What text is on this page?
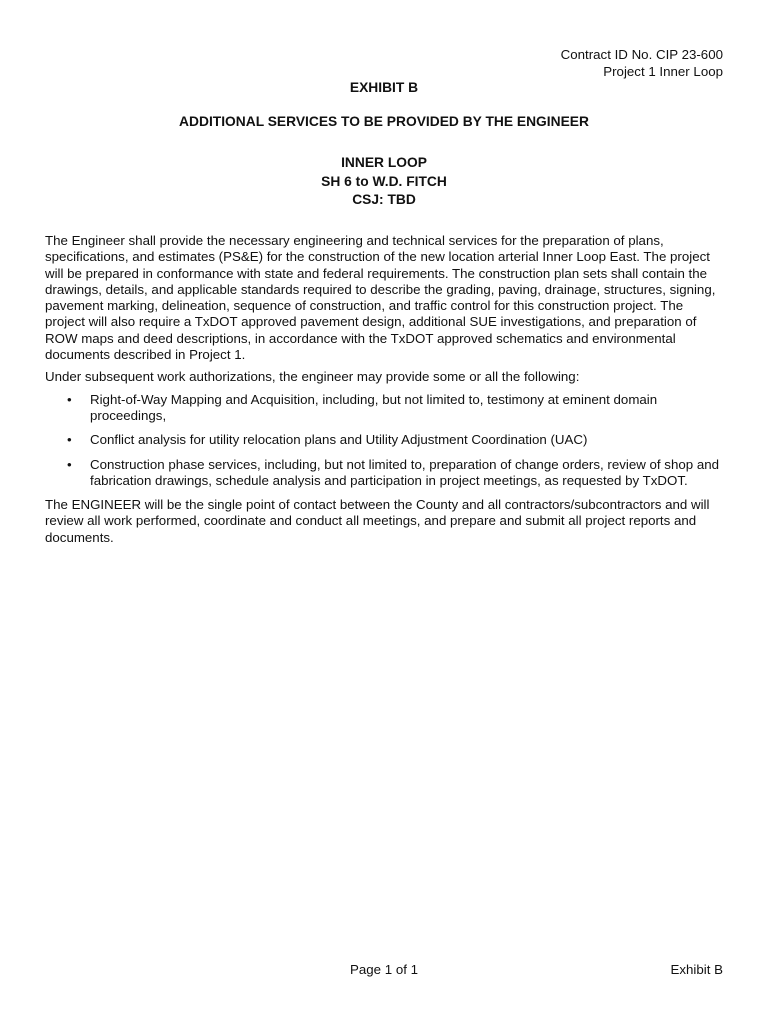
Contract ID No. CIP 23-600
Project 1 Inner Loop
EXHIBIT B
ADDITIONAL SERVICES TO BE PROVIDED BY THE ENGINEER
INNER LOOP
SH 6 to W.D. FITCH
CSJ: TBD

The Engineer shall provide the necessary engineering and technical services for the preparation of plans, specifications, and estimates (PS&E) for the construction of the new location arterial Inner Loop East. The project will be prepared in conformance with state and federal requirements. The construction plan sets shall contain the drawings, details, and applicable standards required to describe the grading, paving, drainage, structures, signing, pavement marking, delineation, sequence of construction, and traffic control for this construction project. The project will also require a TxDOT approved pavement design, additional SUE investigations, and preparation of ROW maps and deed descriptions, in accordance with the TxDOT approved schematics and environmental documents described in Project 1.

Under subsequent work authorizations, the engineer may provide some or all the following:

• Right-of-Way Mapping and Acquisition, including, but not limited to, testimony at eminent domain proceedings,
• Conflict analysis for utility relocation plans and Utility Adjustment Coordination (UAC)
• Construction phase services, including, but not limited to, preparation of change orders, review of shop and fabrication drawings, schedule analysis and participation in project meetings, as requested by TxDOT.

The ENGINEER will be the single point of contact between the County and all contractors/subcontractors and will review all work performed, coordinate and conduct all meetings, and prepare and submit all project reports and documents.

Page 1 of 1	Exhibit B
